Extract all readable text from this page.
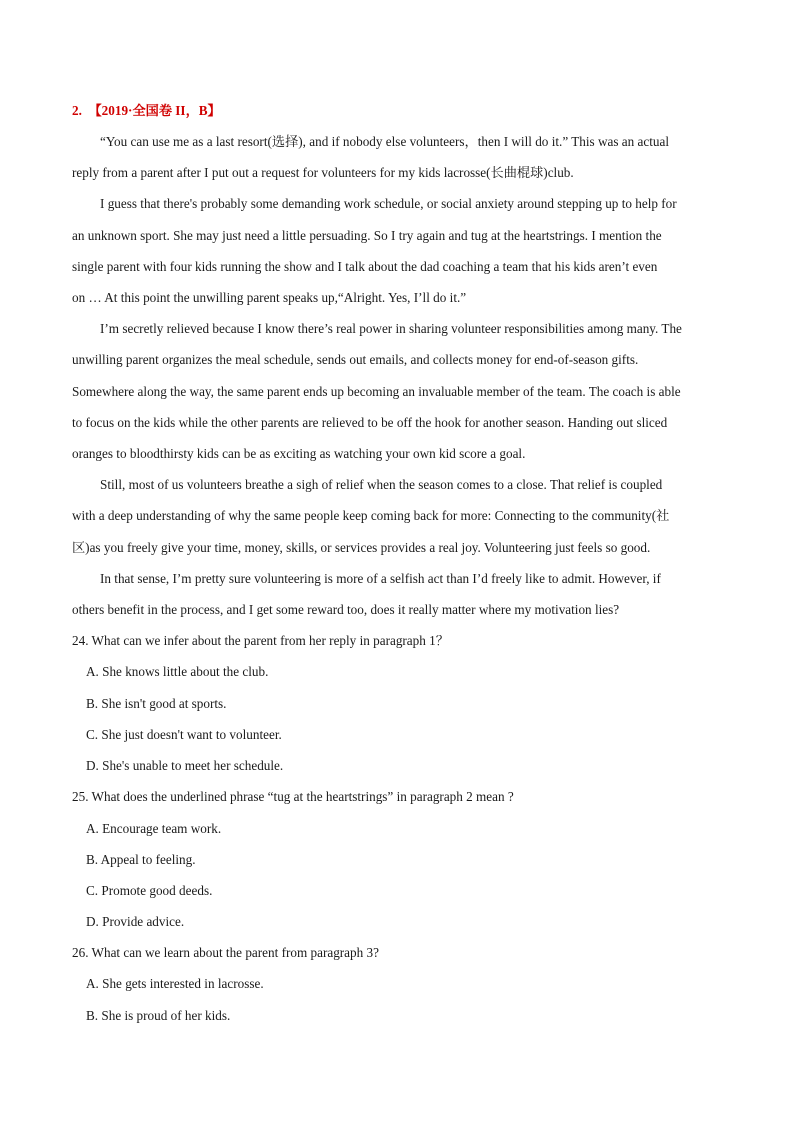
2. 【2019·全国卷 II，B】
“You can use me as a last resort(选择), and if nobody else volunteers，then I will do it.” This was an actual
reply from a parent after I put out a request for volunteers for my kids lacrosse(长曲棍球)club.
I guess that there's probably some demanding work schedule, or social anxiety around stepping up to help for
an unknown sport. She may just need a little persuading. So I try again and tug at the heartstrings. I mention the
single parent with four kids running the show and I talk about the dad coaching a team that his kids aren’t even
on … At this point the unwilling parent speaks up,“Alright. Yes, I’ll do it.”
I’m secretly relieved because I know there’s real power in sharing volunteer responsibilities among many. The
unwilling parent organizes the meal schedule, sends out emails, and collects money for end-of-season gifts.
Somewhere along the way, the same parent ends up becoming an invaluable member of the team. The coach is able
to focus on the kids while the other parents are relieved to be off the hook for another season. Handing out sliced
oranges to bloodthirsty kids can be as exciting as watching your own kid score a goal.
Still, most of us volunteers breathe a sigh of relief when the season comes to a close. That relief is coupled
with a deep understanding of why the same people keep coming back for more: Connecting to the community(社
区)as you freely give your time, money, skills, or services provides a real joy. Volunteering just feels so good.
In that sense, I’m pretty sure volunteering is more of a selfish act than I’d freely like to admit. However, if
others benefit in the process, and I get some reward too, does it really matter where my motivation lies?
24. What can we infer about the parent from her reply in paragraph 1？
A. She knows little about the club.
B. She isn't good at sports.
C. She just doesn't want to volunteer.
D. She's unable to meet her schedule.
25. What does the underlined phrase “tug at the heartstrings” in paragraph 2 mean ?
A. Encourage team work.
B. Appeal to feeling.
C. Promote good deeds.
D. Provide advice.
26. What can we learn about the parent from paragraph 3?
A. She gets interested in lacrosse.
B. She is proud of her kids.
